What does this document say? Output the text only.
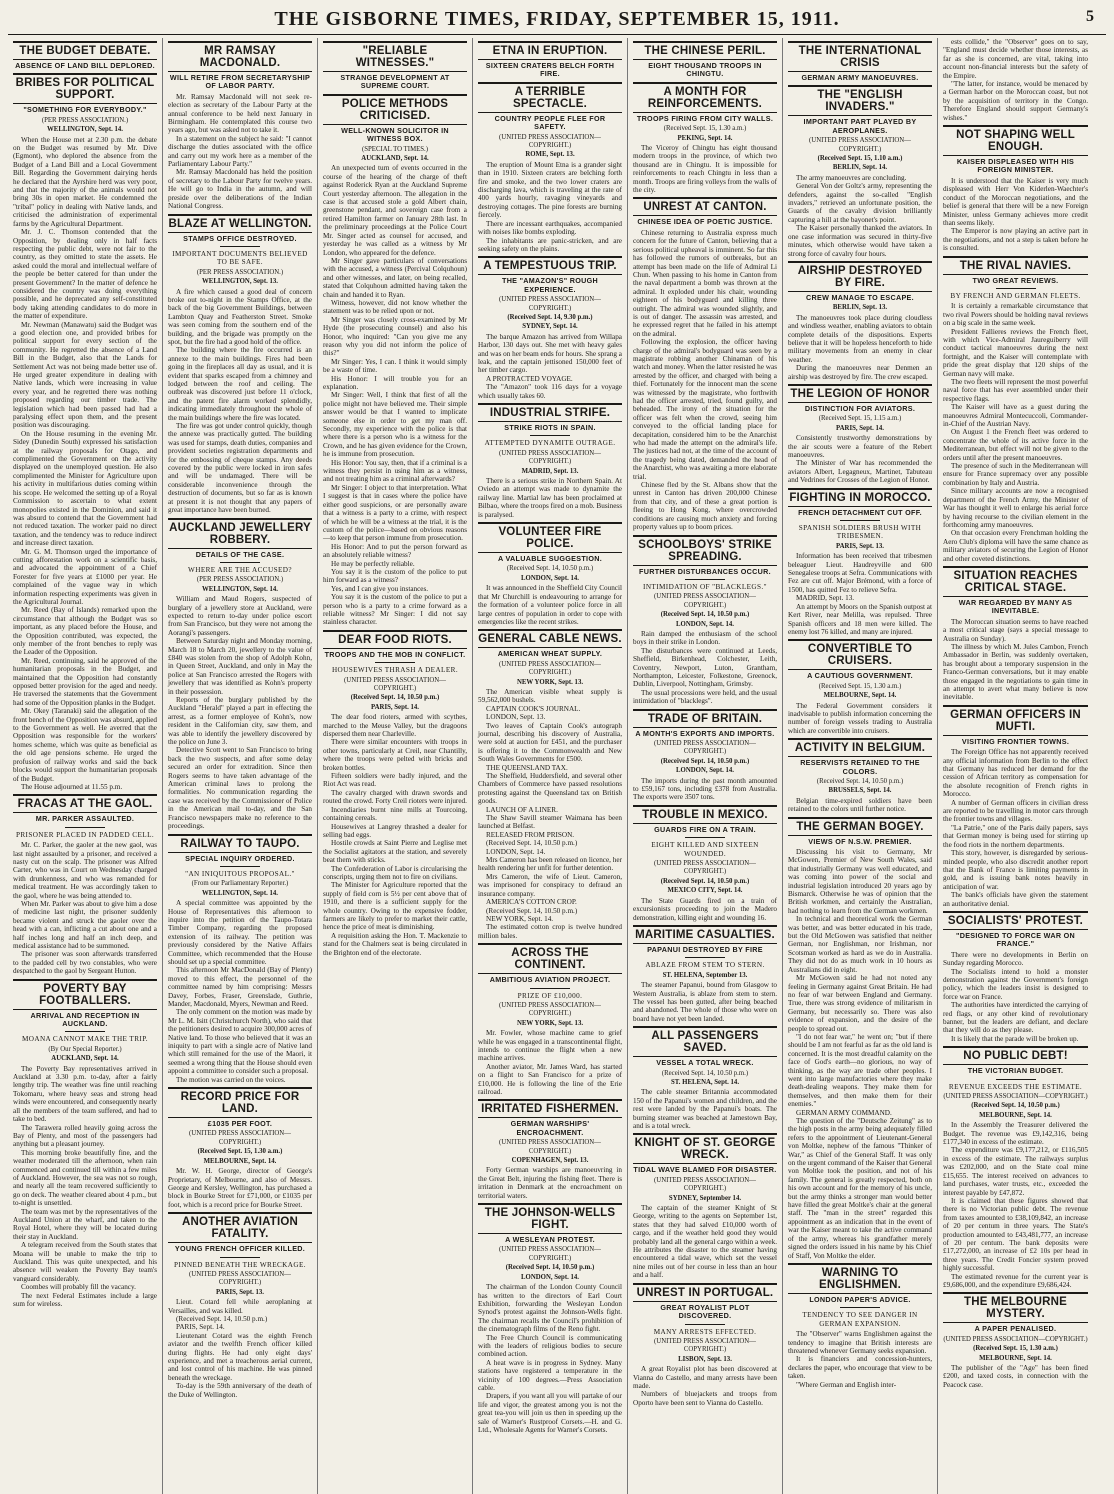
THE GISBORNE TIMES, FRIDAY, SEPTEMBER 15, 1911.	5
THE BUDGET DEBATE.
ABSENCE OF LAND BILL DEPLORED.
BRIBES FOR POLITICAL SUPPORT.
"SOMETHING FOR EVERYBODY."
(PER PRESS ASSOCIATION.)
WELLINGTON, Sept. 14.

When the House met at 2.30 p.m. the debate on the Budget was resumed by Mr. Dive (Egmont), who deplored the absence from the Budget of a Land Bill and a Local Government Bill. Regarding the Government dairying herds he declared that the Ayrshire herd was very poor, and that the majority of the animals would not bring 30s in open market. He condemned the "tribal" policy in dealing with Native lands, and criticised the administration of experimental farms by the Agricultural Department.

Mr. J. C. Thomson contended that the Opposition, by dealing only in half facts respecting the public debt, were not fair to the country, as they omitted to state the assets. He asked could the moral and intellectual welfare of the people be better catered for than under the present Government? In the matter of defence he considered the country was doing everything possible, and he deprecated any self-constituted body taking attending candidates to do more in the matter of expenditure.

Mr. Newman (Manawatu) said the Budget was a good election one, and provided bribes for political support for every section of the community. He regretted the absence of a Land Bill in the Budget, also that the Lands for Settlement Act was not being made better use of. He urged greater expenditure in dealing with Native lands, which were increasing in value every year, and he regretted there was nothing proposed regarding our timber trade. The legislation which had been passed had had a paralysing effect upon them, and the present position was discouraging.

On the House resuming in the evening Mr. Sidey (Dunedin South) expressed his satisfaction at the railway proposals for Otago, and complimented the Government on the activity displayed on the unemployed question. He also complimented the Minister for Agriculture upon his activity in multifarious duties coming within his scope. He welcomed the setting up of a Royal Commission to ascertain to what extent monopolies existed in the Dominion, and said it was absurd to contend that the Government had not reduced taxation. The worker paid no direct taxation, and the tendency was to reduce indirect and increase direct taxation.

Mr. G. M. Thomson urged the importance of cutting afforestation work on a scientific basis, and advocated the appointment of a Chief Forester for five years at £1000 per year. He complained of the vague way in which information respecting experiments was given in the Agricultural Journal.

Mr. Reed (Bay of Islands) remarked upon the circumstance that although the Budget was so important, as any placed before the House, and the Opposition contributed, was expected, the only member of the front benches to reply was the Leader of the Opposition.

Mr. Reed, continuing, said he approved of the humanitarian proposals in the Budget, and maintained that the Opposition had constantly opposed better provision for the aged and needy. He traversed the statements that the Government had some of the Opposition planks in the Budget.

Mr. Okey (Taranaki) said the allegation of the front bench of the Opposition was absurd, applied to the Government as well. He averred that the Opposition was responsible for the workers' homes scheme, which was quite as beneficial as the old age pensions scheme. He urged the profusion of railway works and said the back blocks would support the humanitarian proposals of the Budget.

The House adjourned at 11.55 p.m.

FRACAS AT THE GAOL.
MR. PARKER ASSAULTED.
PRISONER PLACED IN PADDED CELL.

Mr. C. Parker, the gaoler at the new gaol, was last night assaulted by a prisoner, and received a nasty cut on the scalp. The prisoner was Alfred Carter, who was in Court on Wednesday charged with drunkenness, and who was remanded for medical treatment. He was accordingly taken to the gaol, where he was being attended to.

When Mr. Parker was about to give him a dose of medicine last night, the prisoner suddenly became violent and struck the gaoler over the head with a can, inflicting a cut about one and a half inches long and half an inch deep, and medical assistance had to be summoned.

The prisoner was soon afterwards transferred to the padded cell by two constables, who were despatched to the gaol by Sergeant Hutton.

POVERTY BAY FOOTBALLERS.
ARRIVAL AND RECEPTION IN AUCKLAND.
MOANA CANNOT MAKE THE TRIP.
(By Our Special Reporter.)
AUCKLAND, Sept. 14.

The Poverty Bay representatives arrived in Auckland at 3.30 p.m. to-day, after a fairly lengthy trip. The weather was fine until reaching Tokomaru, where heavy seas and strong head winds were encountered, and consequently nearly all the members of the team suffered, and had to take to bed.

The Tarawera rolled heavily going across the Bay of Plenty, and most of the passengers had anything but a pleasant journey.

This morning broke beautifully fine, and the weather moderated till the afternoon, when rain commenced and continued till within a few miles of Auckland. However, the sea was not so rough, and nearly all the team recovered sufficiently to go on deck. The weather cleared about 4 p.m., but to-night is unsettled.

The team was met by the representatives of the Auckland Union at the wharf, and taken to the Royal Hotel, where they will be located during their stay in Auckland.

A telegram received from the South states that Moana will be unable to make the trip to Auckland. This was quite unexpected, and his absence will weaken the Poverty Bay team's vanguard considerably.

Coombes will probably fill the vacancy.

The next Federal Estimates include a large sum for wireless.

MR RAMSAY MACDONALD.
WILL RETIRE FROM SECRETARYSHIP OF LABOR PARTY.

Mr. Ramsay Macdonald will not seek re-election as secretary of the Labour Party at the annual conference to be held next January in Birmingham. He contemplated this course two years ago, but was asked not to take it.

In a statement on the subject he said: "I cannot discharge the duties associated with the office and carry out my work here as a member of the Parliamentary Labour Party."

Mr. Ramsay Macdonald has held the position of secretary to the Labour Party for twelve years. He will go to India in the autumn, and will preside over the deliberations of the Indian National Congress.

BLAZE AT WELLINGTON.
STAMPS OFFICE DESTROYED.
IMPORTANT DOCUMENTS BELIEVED TO BE SAFE.
(PER PRESS ASSOCIATION.)
WELLINGTON, Sept. 13.

A fire which caused a good deal of concern broke out to-night in the Stamps Office, at the back of the big Government Buildings, between Lambton Quay and Featherston Street. Smoke was seen coming from the southern end of the building, and the brigade was promptly on the spot, but the fire had a good hold of the office.

The building where the fire occurred is an annexe to the main buildings. Fires had been going in the fireplaces all day as usual, and it is evident that sparks escaped from a chimney and lodged between the roof and ceiling. The outbreak was discovered just before 11 o'clock, and the patent fire alarm worked splendidly, indicating immediately throughout the whole of the main buildings where the fire was located.

The fire was got under control quickly, though the annexe was practically gutted. The building was used for stamps, death duties, companies and provident societies registration departments and for the embossing of cheque stamps. Any deeds covered by the public were locked in iron safes and will be undamaged. There will be considerable inconvenience through the destruction of documents, but so far as is known at present it is not thought that any papers of great importance have been burned.

AUCKLAND JEWELLERY ROBBERY.
DETAILS OF THE CASE.
WHERE ARE THE ACCUSED?
(PER PRESS ASSOCIATION.)
WELLINGTON, Sept. 14.

William and Maud Rogers, suspected of burglary of a jewellery store at Auckland, were expected to return to-day under police escort from San Francisco, but they were not among the Aorangi's passengers.

Between Saturday night and Monday morning, March 18 to March 20, jewellery to the value of £840 was stolen from the shop of Adolph Kohn, in Queen Street, Auckland, and only in May the police at San Francisco arrested the Rogers with jewellery that was identified as Kohn's property in their possession.

Reports of the burglary published by the Auckland "Herald" played a part in effecting the arrest, as a former employee of Kohn's, now resident in the Californian city, saw them, and was able to identify the jewellery discovered by the police on June 3.

Detective Scott went to San Francisco to bring back the two suspects, and after some delay secured an order for extradition. Since then Rogers seems to have taken advantage of the American criminal laws to prolong the formalities. No communication regarding the case was received by the Commissioner of Police in the American mail to-day, and the San Francisco newspapers make no reference to the proceedings.

RAILWAY TO TAUPO.
SPECIAL INQUIRY ORDERED.
"AN INIQUITOUS PROPOSAL."
(From our Parliamentary Reporter.)
WELLINGTON, Sept. 14.

A special committee was appointed by the House of Representatives this afternoon to inquire into the petition of the Taupo-Totara Timber Company, regarding the proposed extension of its railway. The petition was previously considered by the Native Affairs Committee, which recommended that the House should set up a special committee.

This afternoon Mr MacDonald (Bay of Plenty) moved to this effect, the personnel of the committee named by him comprising: Messrs Davey, Forbes, Fraser, Greenslade, Guthrie, Mander, Macdonald, Myers, Newman and Reed.

The only comment on the motion was made by Mr L. M. Isitt (Christchurch North), who said that the petitioners desired to acquire 300,000 acres of Native land. To those who believed that it was an iniquity to part with a single acre of Native land which still remained for the use of the Maori, it seemed a wrong thing that the House should even appoint a committee to consider such a proposal.

The motion was carried on the voices.

RECORD PRICE FOR LAND.
£1035 PER FOOT.
(UNITED PRESS ASSOCIATION—COPYRIGHT.)
(Received Sept. 15, 1.30 a.m.)
MELBOURNE, Sept. 14.

Mr. W. H. George, director of George's Proprietary, of Melbourne, and also of Messrs. George and Kersley, Wellington, has purchased a block in Bourke Street for £71,000, or £1035 per foot, which is a record price for Bourke Street.

ANOTHER AVIATION FATALITY.
YOUNG FRENCH OFFICER KILLED.
PINNED BENEATH THE WRECKAGE.
(UNITED PRESS ASSOCIATION—COPYRIGHT.)
PARIS, Sept. 13.

Lieut. Cotard fell while aeroplaning at Versailles, and was killed.

(Received Sept. 14, 10.50 p.m.)

PARIS, Sept. 14.

Lieutenant Cotard was the eighth French aviator and the twelfth French officer killed during flights. He had only eight days' experience, and met a treacherous aerial current, and lost control of his machine. He was pinned beneath the wreckage.

To-day is the 59th anniversary of the death of the Duke of Wellington.

"RELIABLE WITNESSES."
STRANGE DEVELOPMENT AT SUPREME COURT.
POLICE METHODS CRITICISED.
WELL-KNOWN SOLICITOR IN WITNESS BOX.
(SPECIAL TO TIMES.)
AUCKLAND, Sept. 14.

An unexpected turn of events occurred in the course of the hearing of the charge of theft against Roderick Ryan at the Auckland Supreme Court yesterday afternoon. The allegation in the case is that accused stole a gold Albert chain, greenstone pendant, and sovereign case from a retired Hamilton farmer on January 28th last. In the preliminary proceedings at the Police Court Mr. Singer acted as counsel for accused, and yesterday he was called as a witness by Mr London, who appeared for the defence.

Mr Singer gave particulars of conversations with the accused, a witness (Percival Colquhoun) and other witnesses, and later, on being recalled, stated that Colquhoun admitted having taken the chain and handed it to Ryan.

Witness, however, did not know whether the statement was to be relied upon or not.

Mr Singer was closely cross-examined by Mr Hyde (the prosecuting counsel) and also his Honor, who inquired: "Can you give me any reason why you did not inform the police of this?"

Mr Singer: Yes, I can. I think it would simply be a waste of time.

His Honor: I will trouble you for an explanation.

Mr Singer: Well, I think that first of all the police might not have believed me. Their simple answer would be that I wanted to implicate someone else in order to get my man off. Secondly, my experience with the police is that where there is a person who is a witness for the Crown, and he has given evidence for the Crown, he is immune from prosecution.

His Honor: You say, then, that if a criminal is a witness they persist in using him as a witness, and not treating him as a criminal afterwards?

Mr Singer: I object to that interpretation. What I suggest is that in cases where the police have either good suspicions, or are personally aware that a witness is a party to a crime, with respect of which he will be a witness at the trial, it is the custom of the police—based on obvious reasons—to keep that person immune from prosecution.

His Honor: And to put the person forward as an absolutely reliable witness?

He may be perfectly reliable.

You say it is the custom of the police to put him forward as a witness?

Yes, and I can give you instances.

You say it is the custom of the police to put a person who is a party to a crime forward as a reliable witness? Mr Singer: I did not say stainless character.

DEAR FOOD RIOTS.
TROOPS AND THE MOB IN CONFLICT.
HOUSEWIVES THRASH A DEALER.
(UNITED PRESS ASSOCIATION—COPYRIGHT.)
(Received Sept. 14, 10.50 p.m.)
PARIS, Sept. 14.

The dear food rioters, armed with scythes, marched to the Meuse Valley, but the dragoons dispersed them near Charleville.

There were similar encounters with troops in other towns, particularly at Creil, near Chantilly, where the troops were pelted with bricks and broken bottles.

Fifteen soldiers were badly injured, and the Riot Act was read.

The cavalry charged with drawn swords and routed the crowd. Forty Creil rioters were injured.

Incendiaries burnt nine mills at Tourcoing, containing cereals.

Housewives at Langrey thrashed a dealer for selling bad eggs.

Hostile crowds at Saint Pierre and Leglise met the Socialist agitators at the station, and severely beat them with sticks.

The Confederation of Labor is circularising the conscripts, urging them not to fire on civilians.

The Minister for Agriculture reported that the supply of field corn is 5½ per cent above that of 1910, and there is a sufficient supply for the whole country. Owing to the expensive fodder, farmers are likely to prefer to market their cattle, hence the price of meat is diminishing.

A requisition asking the Hon. T. Mackenzie to stand for the Chalmers seat is being circulated in the Brighton end of the electorate.

ETNA IN ERUPTION.
SIXTEEN CRATERS BELCH FORTH FIRE.
A TERRIBLE SPECTACLE.
COUNTRY PEOPLE FLEE FOR SAFETY.
(UNITED PRESS ASSOCIATION—COPYRIGHT.)
ROME, Sept. 13.

The eruption of Mount Etna is a grander sight than in 1910. Sixteen craters are belching forth fire and smoke, and the two lower craters are discharging lava, which is traveling at the rate of 400 yards hourly, ravaging vineyards and destroying cottages. The pine forests are burning fiercely.

There are incessant earthquakes, accompanied with noises like bombs exploding.

The inhabitants are panic-stricken, and are seeking safety on the plains.

A TEMPESTUOUS TRIP.
THE "AMAZON'S" ROUGH EXPERIENCE.
(UNITED PRESS ASSOCIATION—COPYRIGHT.)
(Received Sept. 14, 9.30 p.m.)
SYDNEY, Sept. 14.

The barque Amazon has arrived from Willapa Harbor, 130 days out. She met with heavy gales and was on her beam ends for hours. She sprang a leak, and the captain jettisoned 150,000 feet of her timber cargo.

A PROTRACTED VOYAGE.

The "Amazon" took 116 days for a voyage which usually takes 60.

INDUSTRIAL STRIFE.
STRIKE RIOTS IN SPAIN.
ATTEMPTED DYNAMITE OUTRAGE.
(UNITED PRESS ASSOCIATION—COPYRIGHT.)
MADRID, Sept. 13.

There is a serious strike in Northern Spain. At Oviedo an attempt was made to dynamite the railway line. Martial law has been proclaimed at Bilbao, where the troops fired on a mob. Business is paralysed.

VOLUNTEER FIRE POLICE.
A VALUABLE SUGGESTION.
(Received Sept. 14, 10.50 p.m.)
LONDON, Sept. 14.

It was announced in the Sheffield City Council that Mr Churchill is endeavouring to arrange for the formation of a volunteer police force in all large centres of population in order to cope with emergencies like the recent strikes.

GENERAL CABLE NEWS.
AMERICAN WHEAT SUPPLY.
(UNITED PRESS ASSOCIATION—COPYRIGHT.)
NEW YORK, Sept. 13.

The American visible wheat supply is 59,562,000 bushels.

CAPTAIN COOK'S JOURNAL.

LONDON, Sept. 13.

Two leaves of Captain Cook's autograph journal, describing his discovery of Australia, were sold at auction for £451, and the purchaser is offering it to the Commonwealth and New South Wales Governments for £500.

THE QUEENSLAND TAX.

The Sheffield, Huddersfield, and several other Chambers of Commerce have passed resolutions protesting against the Queensland tax on British goods.

LAUNCH OF A LINER.

The Shaw Savill steamer Waimana has been launched at Belfast.

RELEASED FROM PRISON.

(Received Sept. 14, 10.50 p.m.)

LONDON, Sept. 14.

Mrs Cameron has been released on licence, her health rendering her unfit for further detention.

Mrs Cameron, the wife of Lieut. Cameron, was imprisoned for conspiracy to defraud an insurance company.

AMERICA'S COTTON CROP.

(Received Sept. 14, 10.50 p.m.)

NEW YORK, Sept. 14.

The estimated cotton crop is twelve hundred million bales.

ACROSS THE CONTINENT.
AMBITIOUS AVIATION PROJECT.
PRIZE OF £10,000.
(UNITED PRESS ASSOCIATION—COPYRIGHT.)
NEW YORK, Sept. 13.

Mr. Fowler, whose machine came to grief while he was engaged in a transcontinental flight, intends to continue the flight when a new machine arrives.

Another aviator, Mr. James Ward, has started on a flight to San Francisco for a prize of £10,000. He is following the line of the Erie railroad.

IRRITATED FISHERMEN.
GERMAN WARSHIPS' ENCROACHMENT.
(UNITED PRESS ASSOCIATION—COPYRIGHT.)
COPENHAGEN, Sept. 13.

Forty German warships are manoeuvring in the Great Belt, injuring the fishing fleet. There is irritation in Denmark at the encroachment on territorial waters.

THE JOHNSON-WELLS FIGHT.
A WESLEYAN PROTEST.
(UNITED PRESS ASSOCIATION—COPYRIGHT.)
(Received Sept. 14, 10.50 p.m.)
LONDON, Sept. 14.

The chairman of the London County Council has written to the directors of Earl Court Exhibition, forwarding the Wesleyan London Synod's protest against the Johnson-Wells fight. The chairman recalls the Council's prohibition of the cinematograph films of the Reno fight.

The Free Church Council is communicating with the leaders of religious bodies to secure combined action.

A heat wave is in progress in Sydney. Many stations have registered a temperature in the vicinity of 100 degrees.—Press Association cable.

Drapers, if you want all you will partake of our life and vigor, the greatest among you is not the great tea-you will join us then in speeding up the sale of Warner's Rustproof Corsets.—H. and G. Ltd., Wholesale Agents for Warner's Corsets.

THE CHINESE PERIL.
EIGHT THOUSAND TROOPS IN CHINGTU.
A MONTH FOR REINFORCEMENTS.
TROOPS FIRING FROM CITY WALLS.
(Received Sept. 15, 1.30 a.m.)
PEKING, Sept. 14.

The Viceroy of Chingtu has eight thousand modern troops in the province, of which two thousand are in Chingtu. It is impossible for reinforcements to reach Chingtu in less than a month. Troops are firing volleys from the walls of the city.

UNREST AT CANTON.
CHINESE IDEA OF POETIC JUSTICE.

Chinese returning to Australia express much concern for the future of Canton, believing that a serious political upheaval is imminent. So far this has followed the rumors of outbreaks, but an attempt has been made on the life of Admiral Li Chun. When passing to his home in Canton from the naval department a bomb was thrown at the admiral. It exploded under his chair, wounding eighteen of his bodyguard and killing three outright. The admiral was wounded slightly, and is out of danger. The assassin was arrested, and he expressed regret that he failed in his attempt on the admiral.

Following the explosion, the officer having charge of the admiral's bodyguard was seen by a magistrate robbing another Chinaman of his watch and money. When the latter resisted he was arrested by the officer, and charged with being a thief. Fortunately for the innocent man the scene was witnessed by the magistrate, who forthwith had the officer arrested, tried, found guilty, and beheaded. The irony of the situation for the officer was felt when the crowd, seeing him conveyed to the official landing place for decapitation, considered him to be the Anarchist who had made the attempt on the admiral's life. The justices had not, at the time of the account of the tragedy being dated, demanded the head of the Anarchist, who was awaiting a more elaborate trial.

Chinese fled by the St. Albans show that the unrest in Canton has driven 200,000 Chinese from that city, and of these a great portion is fleeing to Hong Kong, where overcrowded conditions are causing much anxiety and forcing property values up to boom prices.

SCHOOLBOYS' STRIKE SPREADING.
FURTHER DISTURBANCES OCCUR.
INTIMIDATION OF "BLACKLEGS."
(UNITED PRESS ASSOCIATION—COPYRIGHT.)
(Received Sept. 14, 10.50 p.m.)
LONDON, Sept. 14.

Rain damped the enthusiasm of the school boys in their strike in London.

The disturbances were continued at Leeds, Sheffield, Birkenhead, Colchester, Leith, Coventry, Newport, Luton, Grantham, Northampton, Leicester, Folkestone, Greenock, Dublin, Liverpool, Nottingham, Grimsby.

The usual processions were held, and the usual intimidation of "blacklegs".

TRADE OF BRITAIN.
A MONTH'S EXPORTS AND IMPORTS.
(UNITED PRESS ASSOCIATION—COPYRIGHT.)
(Received Sept. 14, 10.50 p.m.)
LONDON, Sept. 14.

The imports during the past month amounted to £59,167 tons, including £378 from Australia. The exports were 3507 tons.

TROUBLE IN MEXICO.
GUARDS FIRE ON A TRAIN.
EIGHT KILLED AND SIXTEEN WOUNDED.
(UNITED PRESS ASSOCIATION—COPYRIGHT.)
(Received Sept. 14, 10.50 p.m.)
MEXICO CITY, Sept. 14.

The State Guards fired on a train of excursionists proceeding to join the Madero demonstration, killing eight and wounding 16.

MARITIME CASUALTIES.
PAPANUI DESTROYED BY FIRE
ABLAZE FROM STEM TO STERN.
ST. HELENA, September 13.

The steamer Papanui, bound from Glasgow to Western Australia, is ablaze from stem to stern. The vessel has been gutted, after being beached and abandoned. The whole of those who were on board have not yet been landed.

ALL PASSENGERS SAVED.
VESSEL A TOTAL WRECK.
(Received Sept. 14, 10.50 p.m.)
ST. HELENA, Sept. 14.

The cable steamer Britannia accommodated 150 of the Papanui's women and children, and the rest were landed by the Papanui's boats. The burning steamer was beached at Jamestown Bay, and is a total wreck.

KNIGHT OF ST. GEORGE WRECK.
TIDAL WAVE BLAMED FOR DISASTER.
(UNITED PRESS ASSOCIATION—COPYRIGHT.)
SYDNEY, September 14.

The captain of the steamer Knight of St George, writing to the agents on September 1st, states that they had salved £10,000 worth of cargo, and if the weather held good they would probably land all the general cargo within a week. He attributes the disaster to the steamer having encountered a tidal wave, which set the vessel nine miles out of her course in less than an hour and a half.

UNREST IN PORTUGAL.
GREAT ROYALIST PLOT DISCOVERED.
MANY ARRESTS EFFECTED.
(UNITED PRESS ASSOCIATION—COPYRIGHT.)
LISBON, Sept. 13.

A great Royalist plot has been discovered at Vianna do Castello, and many arrests have been made.

Numbers of bluejackets and troops from Oporto have been sent to Vianna do Castello.

THE INTERNATIONAL CRISIS
GERMAN ARMY MANOEUVRES.
THE "ENGLISH INVADERS."
IMPORTANT PART PLAYED BY AEROPLANES.
(UNITED PRESS ASSOCIATION—COPYRIGHT.)
(Received Sept. 15, 1.10 a.m.)
BERLIN, Sept. 14.

The army manoeuvres are concluding.

General Von der Goltz's army, representing the defenders, against the so-called "English invaders," retrieved an unfortunate position, the Guards of the cavalry division brilliantly capturing a hill at the bayonet's point.

The Kaiser personally thanked the aviators. In one case information was secured in thirty-five minutes, which otherwise would have taken a strong force of cavalry four hours.

AIRSHIP DESTROYED BY FIRE.
CREW MANAGE TO ESCAPE.
BERLIN, Sept. 13.

The manoeuvres took place during cloudless and windless weather, enabling aviators to obtain complete details of the dispositions. Experts believe that it will be hopeless henceforth to hide military movements from an enemy in clear weather.

During the manoeuvres near Denmen an airship was destroyed by fire. The crew escaped.

THE LEGION OF HONOR
DISTINCTION FOR AVIATORS.
(Received Sept. 15, 1.15 a.m.)
PARIS, Sept. 14.

Consistently trustworthy demonstrations by the air scouts were a feature of the Rebert manoeuvres.

The Minister of War has recommended the aviators Albert, Legagneux, Martinet, Tabuteau and Vedrines for Crosses of the Legion of Honor.

FIGHTING IN MOROCCO.
FRENCH DETACHMENT CUT OFF.
SPANISH SOLDIERS BRUSH WITH TRIBESMEN.
PARIS, Sept. 13.

Information has been received that tribesmen beleaguer Lieut. Haudreyville and 600 Senegalese troops at Sefra. Communications with Fez are cut off. Major Brémond, with a force of 1500, has quitted Fez to relieve Sefra.

MADRID, Sept. 13.

An attempt by Moors on the Spanish outpost at Kert River, near Melilla, was repulsed. Three Spanish officers and 18 men were killed. The enemy lost 76 killed, and many are injured.

CONVERTIBLE TO CRUISERS.
A CAUTIOUS GOVERNMENT.
(Received Sept. 15, 1.30 a.m.)
MELBOURNE, Sept. 14.

The Federal Government considers it inadvisable to publish information concerning the number of foreign vessels trading to Australia which are convertible into cruisers.

ACTIVITY IN BELGIUM.
RESERVISTS RETAINED TO THE COLORS.
(Received Sept. 14, 10.50 p.m.)
BRUSSELS, Sept. 14.

Belgian time-expired soldiers have been retained to the colors until further notice.

THE GERMAN BOGEY.
VIEWS OF N.S.W. PREMIER.

Discussing his visit to Germany, Mr McGowen, Premier of New South Wales, said that industrially Germany was well educated, and was coming into power of the social and industrial legislation introduced 20 years ago by Bismarck. Otherwise he was of opinion that the British workmen, and certainly the Australian, had nothing to learn from the German workmen.

In technical and theoretical work the German was better, and was better educated in his trade, but the Old McGowen was satisfied that neither German, nor Englishman, nor Irishman, nor Scotsman worked as hard as we do in Australia. They did not do as much work in 10 hours as Australians did in eight.

Mr McGowen said he had not noted any feeling in Germany against Great Britain. He had no fear of war between England and Germany. True, there was strong evidence of militarism in Germany, but necessarily so. There was also evidence of expansion, and the desire of the people to spread out.

"I do not fear war," he went on; "but if there should be I am not fearful as far as the old land is concerned. It is the most dreadful calamity on the face of God's earth—no glorious, no way of thinking, as the way are trade other peoples. I went into large manufactories where they make death-dealing weapons. They make them for themselves, and then make them for their enemies."

GERMAN ARMY COMMAND.

The question of the "Deutsche Zeitung" as to the high posts in the army being adequately filled refers to the appointment of Lieutenant-General von Moltke, nephew of the famous "Thinker of War," as Chief of the General Staff. It was only on the urgent command of the Kaiser that General von Moltke took the position, and not of his family. The general is greatly respected, both on his own account and for the memory of his uncle, but the army thinks a stronger man would better have filled the great Moltke's chair at the general staff. The "man in the street" regarded this appointment as an indication that in the event of war the Kaiser meant to take the active command of the army, whereas his grandfather merely signed the orders issued in his name by his Chief of Staff, Von Moltke the elder.

WARNING TO ENGLISHMEN.
LONDON PAPER'S ADVICE.
TENDENCY TO SEE DANGER IN GERMAN EXPANSION.

The "Observer" warns Englishmen against the tendency to imagine that British interests are threatened whenever Germany seeks expansion.

It is financiers and concession-hunters, declares the paper, who encourage that view to be taken.

"Where German and English inter-

ests collide," the "Observer" goes on to say, "England must decide whether those interests, as far as she is concerned, are vital, taking into account non-financial interests but the safety of the Empire.

"The latter, for instance, would be menaced by a German harbor on the Moroccan coast, but not by the acquisition of territory in the Congo. Therefore England should support Germany's wishes."

NOT SHAPING WELL ENOUGH.
KAISER DISPLEASED WITH HIS FOREIGN MINISTER.

It is understood that the Kaiser is very much displeased with Herr Von Kiderlen-Waechter's conduct of the Moroccan negotiations, and the belief is general that there will be a new Foreign Minister, unless Germany achieves more credit than seems likely.

The Emperor is now playing an active part in the negotiations, and not a step is taken before he is consulted.

THE RIVAL NAVIES.
TWO GREAT REVIEWS.
BY FRENCH AND GERMAN FLEETS.

It is certainly a remarkable circumstance that two rival Powers should be holding naval reviews on a big scale in the same week.

President Fallieres reviews the French fleet, with which Vice-Admiral Jaureguiberry will conduct tactical manoeuvres during the next fortnight, and the Kaiser will contemplate with pride the great display that 120 ships of the German navy will make.

The two fleets will represent the most powerful naval force that has ever assembled under their respective flags.

The Kaiser will have as a guest during the manoeuvres Admiral Montecuccoli, Commander-in-Chief of the Austrian Navy.

On August 1 the French fleet was ordered to concentrate the whole of its active force in the Mediterranean, but effect will not be given to the orders until after the present manoeuvres.

The presence of such in the Mediterranean will ensure for France supremacy over any possible combination by Italy and Austria.

Since military accounts are now a recognised department of the French Army, the Minister of War has thought it well to enlarge his aerial force by having recourse to the civilian element in the forthcoming army manoeuvres.

On that occasion every Frenchman holding the Aero Club's diploma will have the same chance as military aviators of securing the Legion of Honor and other coveted distinctions.

SITUATION REACHES CRITICAL STAGE.
WAR REGARDED BY MANY AS INEVITABLE.

The Moroccan situation seems to have reached a most critical stage (says a special message to Australia on Sunday).

The illness by which M. Jules Cambon, French Ambassador in Berlin, was suddenly overtaken, has brought about a temporary suspension in the Franco-German conversations, but it may enable those engaged in the negotiations to gain time in an attempt to avert what many believe is now inevitable.

GERMAN OFFICERS IN MUFTI.
VISITING FRONTIER TOWNS.

The Foreign Office has not apparently received any official information from Berlin to the effect that Germany has reduced her demand for the cession of African territory as compensation for the absolute recognition of French rights in Morocco.

A number of German officers in civilian dress are reported to be travelling in motor cars through the frontier towns and villages.

"La Patrie," one of the Paris daily papers, says that German money is being used for stirring up the food riots in the northern departments.

This story, however, is disregarded by serious-minded people, who also discredit another report that the Bank of France is limiting payments in gold, and is issuing bank notes heavily in anticipation of war.

The bank's officials have given the statement an authoritative denial.

SOCIALISTS' PROTEST.
"DESIGNED TO FORCE WAR ON FRANCE."

There were no developments in Berlin on Sunday regarding Morocco.

The Socialists intend to hold a monster demonstration against the Government's foreign policy, which the leaders insist is designed to force war on France.

The authorities have interdicted the carrying of red flags, or any other kind of revolutionary banner, but the leaders are defiant, and declare that they will do as they please.

It is likely that the parade will be broken up.

NO PUBLIC DEBT!
THE VICTORIAN BUDGET.
REVENUE EXCEEDS THE ESTIMATE.
(UNITED PRESS ASSOCIATION—COPYRIGHT.)
(Received Sept. 14, 10.50 p.m.)
MELBOURNE, Sept. 14.

In the Assembly the Treasurer delivered the Budget. The revenue was £9,142,316, being £177,340 in excess of the estimate.

The expenditure was £9,177,212, or £116,505 in excess of the estimate. The railways surplus was £202,000, and on the State coal mine £15,655. The interest received on advances to land purchases, water trusts, etc., exceeded the interest payable by £47,872.

It is claimed that these figures showed that there is no Victorian public debt. The revenue from taxes amounted to £38,109,842, an increase of 20 per centum in three years. The State's production amounted to £43,481,777, an increase of 20 per centum. The bank deposits were £17,272,000, an increase of £2 10s per head in three years. The Credit Foncier system proved highly successful.

The estimated revenue for the current year is £9,686,000, and the expenditure £9,686,424.

THE MELBOURNE MYSTERY.
A PAPER PENALISED.
(UNITED PRESS ASSOCIATION—COPYRIGHT.)
(Received Sept. 15, 1.30 a.m.)
MELBOURNE, Sept. 14.

The publisher of the "Age" has been fined £200, and taxed costs, in connection with the Peacock case.
